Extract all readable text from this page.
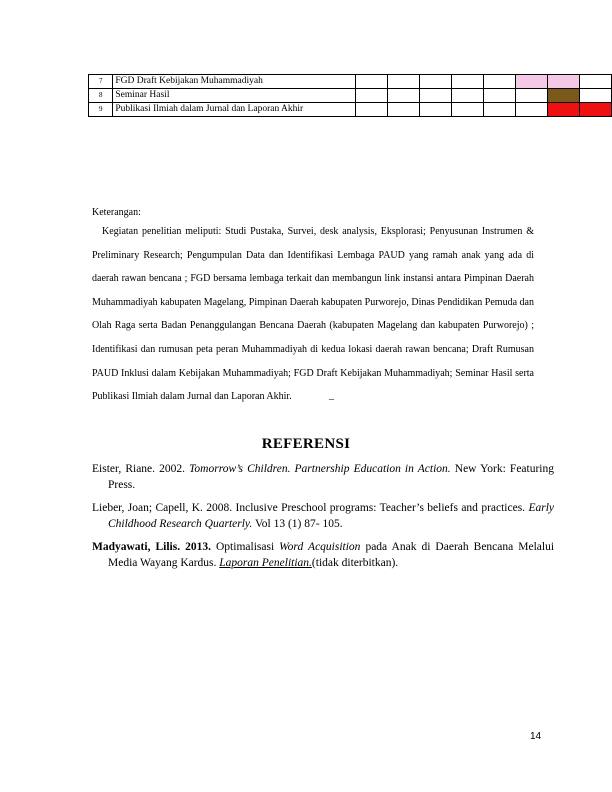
7	FGD Draft Kebijakan Muhammadiyah								
8	Seminar Hasil								
9	Publikasi Ilmiah dalam Jurnal dan Laporan Akhir								

Keterangan:

Kegiatan penelitian meliputi: Studi Pustaka, Survei, desk analysis, Eksplorasi; Penyusunan Instrumen & Preliminary Research; Pengumpulan Data dan Identifikasi Lembaga PAUD yang ramah anak yang ada di daerah rawan bencana ; FGD bersama lembaga terkait dan membangun link instansi antara Pimpinan Daerah Muhammadiyah kabupaten Magelang, Pimpinan Daerah kabupaten Purworejo, Dinas Pendidikan Pemuda dan Olah Raga serta Badan Penanggulangan Bencana Daerah (kabupaten Magelang dan kabupaten Purworejo) ; Identifikasi dan rumusan peta peran Muhammadiyah di kedua lokasi daerah rawan bencana; Draft Rumusan PAUD Inklusi dalam Kebijakan Muhammadiyah; FGD Draft Kebijakan Muhammadiyah; Seminar Hasil serta Publikasi Ilmiah dalam Jurnal dan Laporan Akhir.	–
REFERENSI

Eister, Riane. 2002. Tomorrow’s Children. Partnership Education in Action. New York: Featuring Press.

Lieber, Joan; Capell, K. 2008. Inclusive Preschool programs: Teacher’s beliefs and practices. Early Childhood Research Quarterly. Vol 13 (1) 87- 105.

Madyawati, Lilis. 2013. Optimalisasi Word Acquisition pada Anak di Daerah Bencana Melalui Media Wayang Kardus. Laporan Penelitian.(tidak diterbitkan).

14
